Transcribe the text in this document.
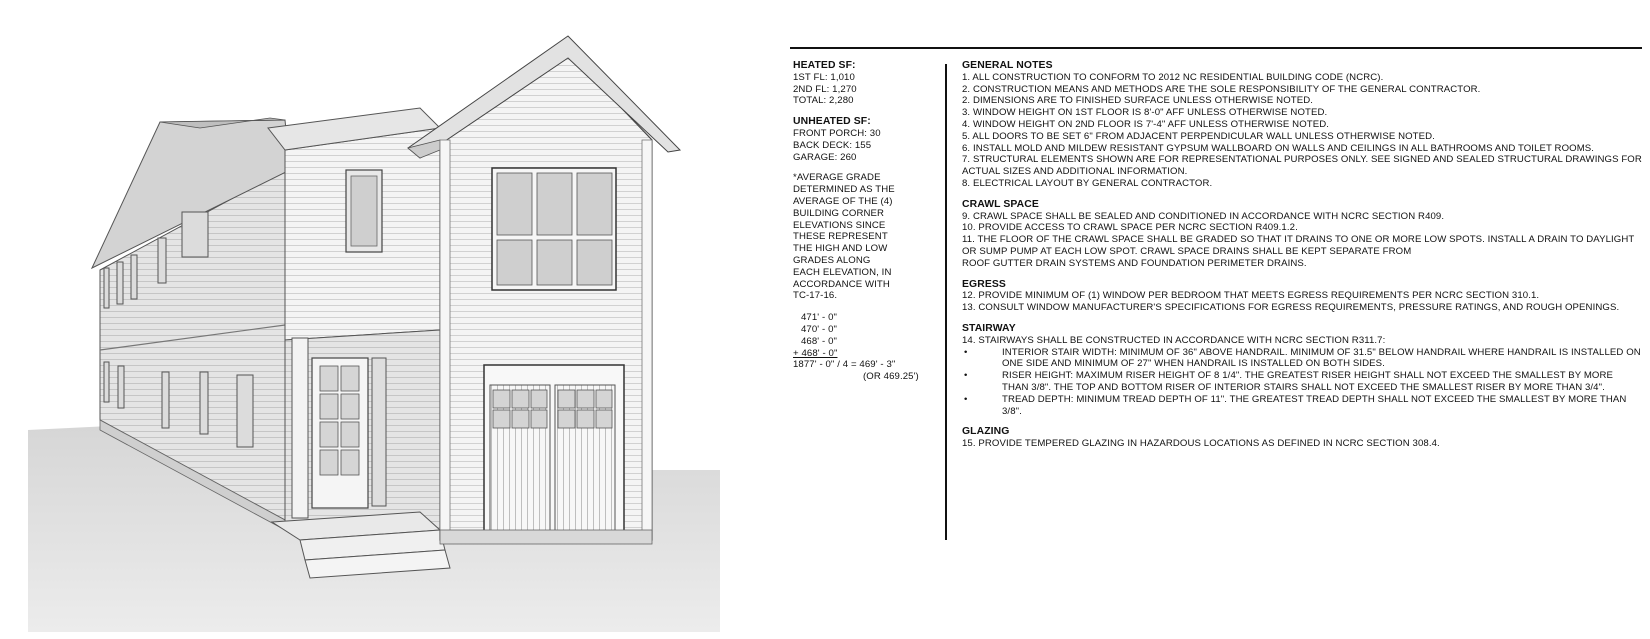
HEATED SF:
1ST FL: 1,010
2ND FL: 1,270
TOTAL: 2,280
UNHEATED SF:
FRONT PORCH: 30
BACK DECK: 155
GARAGE: 260
*AVERAGE GRADE
DETERMINED AS THE
AVERAGE OF THE (4)
BUILDING CORNER
ELEVATIONS SINCE
THESE REPRESENT
THE HIGH AND LOW
GRADES ALONG
EACH ELEVATION, IN
ACCORDANCE WITH
TC-17-16.
471' - 0"
470' - 0"
468' - 0"
+ 468' - 0"
1877' - 0" / 4 = 469' - 3"
(OR 469.25')
GENERAL NOTES
1. ALL CONSTRUCTION TO CONFORM TO 2012 NC RESIDENTIAL BUILDING CODE (NCRC).
2. CONSTRUCTION MEANS AND METHODS ARE THE SOLE RESPONSIBILITY OF THE GENERAL CONTRACTOR.
2. DIMENSIONS ARE TO FINISHED SURFACE UNLESS OTHERWISE NOTED.
3. WINDOW HEIGHT ON 1ST FLOOR IS 8'-0" AFF UNLESS OTHERWISE NOTED.
4. WINDOW HEIGHT ON 2ND FLOOR IS 7'-4" AFF UNLESS OTHERWISE NOTED.
5. ALL DOORS TO BE SET 6" FROM ADJACENT PERPENDICULAR WALL UNLESS OTHERWISE NOTED.
6. INSTALL MOLD AND MILDEW RESISTANT GYPSUM WALLBOARD ON WALLS AND CEILINGS IN ALL BATHROOMS AND TOILET ROOMS.
7. STRUCTURAL ELEMENTS SHOWN ARE FOR REPRESENTATIONAL PURPOSES ONLY. SEE SIGNED AND SEALED STRUCTURAL DRAWINGS FOR ACTUAL SIZES AND ADDITIONAL INFORMATION.
8. ELECTRICAL LAYOUT BY GENERAL CONTRACTOR.
CRAWL SPACE
9. CRAWL SPACE SHALL BE SEALED AND CONDITIONED IN ACCORDANCE WITH NCRC SECTION R409.
10. PROVIDE ACCESS TO CRAWL SPACE PER NCRC SECTION R409.1.2.
11. THE FLOOR OF THE CRAWL SPACE SHALL BE GRADED SO THAT IT DRAINS TO ONE OR MORE LOW SPOTS. INSTALL A DRAIN TO DAYLIGHT OR SUMP PUMP AT EACH LOW SPOT. CRAWL SPACE DRAINS SHALL BE KEPT SEPARATE FROM
ROOF GUTTER DRAIN SYSTEMS AND FOUNDATION PERIMETER DRAINS.
EGRESS
12. PROVIDE MINIMUM OF (1) WINDOW PER BEDROOM THAT MEETS EGRESS REQUIREMENTS PER NCRC SECTION 310.1.
13. CONSULT WINDOW MANUFACTURER'S SPECIFICATIONS FOR EGRESS REQUIREMENTS, PRESSURE RATINGS, AND ROUGH OPENINGS.
STAIRWAY
14. STAIRWAYS SHALL BE CONSTRUCTED IN ACCORDANCE WITH NCRC SECTION R311.7:
•	INTERIOR STAIR WIDTH: MINIMUM OF 36" ABOVE HANDRAIL. MINIMUM OF 31.5" BELOW HANDRAIL WHERE HANDRAIL IS INSTALLED ON ONE SIDE AND MINIMUM OF 27" WHEN HANDRAIL IS INSTALLED ON BOTH SIDES.
•	RISER HEIGHT: MAXIMUM RISER HEIGHT OF 8 1/4". THE GREATEST RISER HEIGHT SHALL NOT EXCEED THE SMALLEST BY MORE THAN 3/8". THE TOP AND BOTTOM RISER OF INTERIOR STAIRS SHALL NOT EXCEED THE SMALLEST RISER BY MORE THAN 3/4".
•	TREAD DEPTH: MINIMUM TREAD DEPTH OF 11". THE GREATEST TREAD DEPTH SHALL NOT EXCEED THE SMALLEST BY MORE THAN 3/8".
GLAZING
15. PROVIDE TEMPERED GLAZING IN HAZARDOUS LOCATIONS AS DEFINED IN NCRC SECTION 308.4.
